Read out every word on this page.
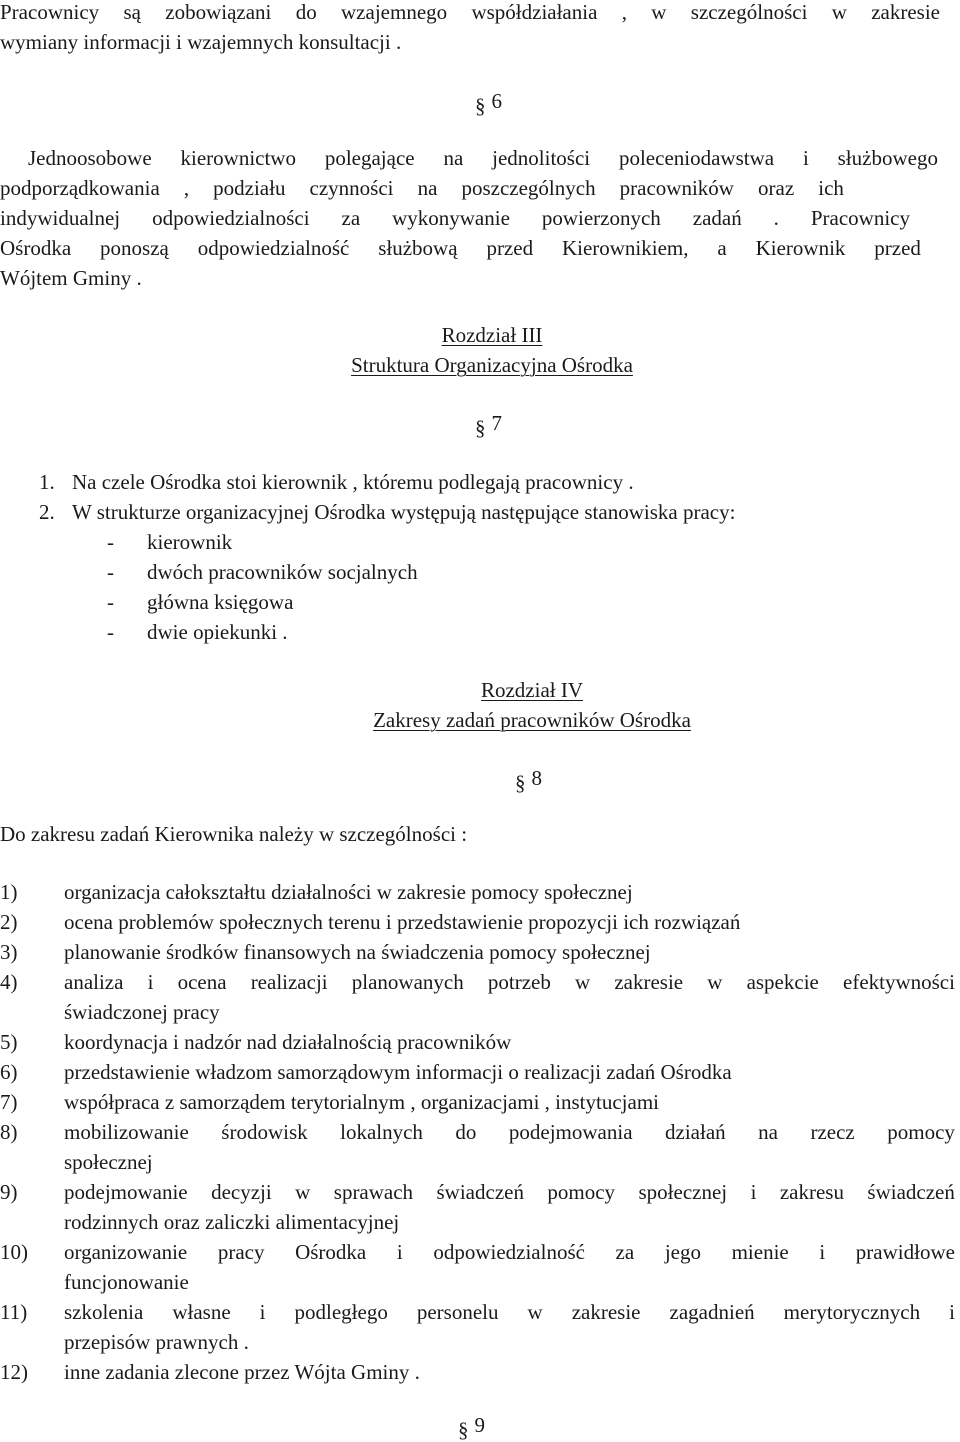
Pracownicy są zobowiązani do wzajemnego współdziałania , w szczególności w zakresie
wymiany informacji i wzajemnych konsultacji .
§ 6
Jednoosobowe kierownictwo polegające na jednolitości poleceniodawstwa i służbowego
podporządkowania , podziału czynności na poszczególnych pracowników oraz ich
indywidualnej odpowiedzialności za wykonywanie powierzonych zadań . Pracownicy
Ośrodka ponoszą odpowiedzialność służbową przed Kierownikiem, a Kierownik przed
Wójtem Gminy .
Rozdział III
Struktura Organizacyjna Ośrodka
§ 7
1. Na czele Ośrodka stoi kierownik , któremu podlegają pracownicy .
2. W strukturze organizacyjnej Ośrodka występują następujące stanowiska pracy:
- kierownik
- dwóch pracowników socjalnych
- główna księgowa
- dwie opiekunki .
Rozdział IV
Zakresy zadań pracowników Ośrodka
§ 8
Do zakresu zadań Kierownika należy w szczególności :
1) organizacja całokształtu działalności w zakresie pomocy społecznej
2) ocena problemów społecznych terenu i przedstawienie propozycji ich rozwiązań
3) planowanie środków finansowych na świadczenia pomocy społecznej
4) analiza i ocena realizacji planowanych potrzeb w zakresie w aspekcie efektywności
świadczonej pracy
5) koordynacja i nadzór nad działalnością pracowników
6) przedstawienie władzom samorządowym informacji o realizacji zadań Ośrodka
7) współpraca z samorządem terytorialnym , organizacjami , instytucjami
8) mobilizowanie środowisk lokalnych do podejmowania działań na rzecz pomocy
społecznej
9) podejmowanie decyzji w sprawach świadczeń pomocy społecznej i zakresu świadczeń
rodzinnych oraz zaliczki alimentacyjnej
10) organizowanie pracy Ośrodka i odpowiedzialność za jego mienie i prawidłowe
funcjonowanie
11) szkolenia własne i podległego personelu w zakresie zagadnień merytorycznych i
przepisów prawnych .
12) inne zadania zlecone przez Wójta Gminy .
§ 9
